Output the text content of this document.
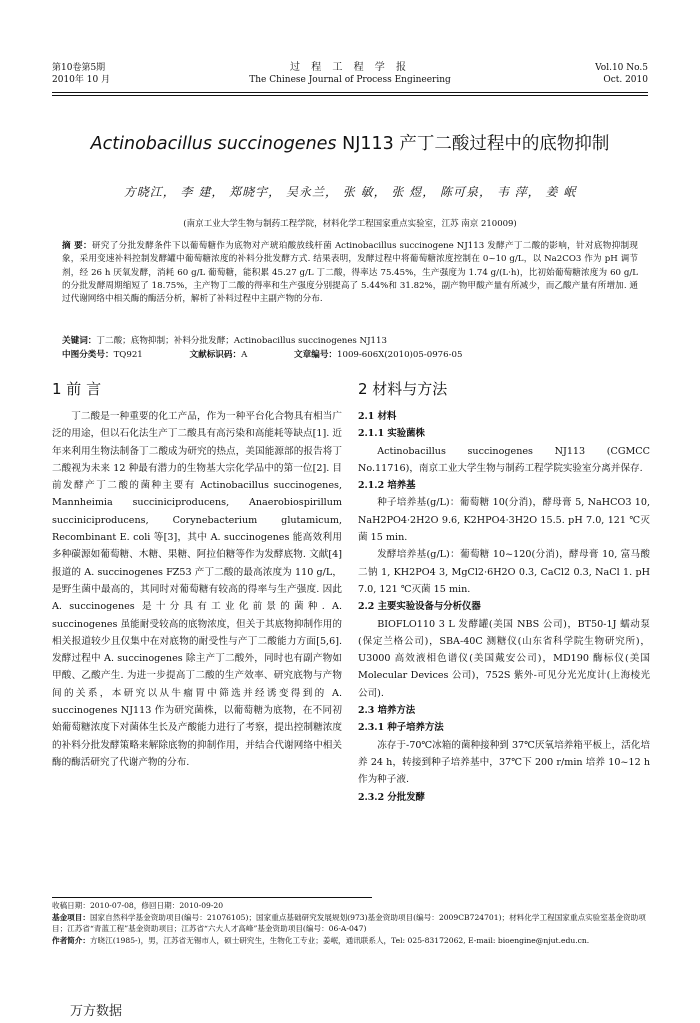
第10卷第5期
2010年 10 月
过 程 工 程 学 报
The Chinese Journal of Process Engineering
Vol.10 No.5
Oct. 2010
Actinobacillus succinogenes NJ113 产丁二酸过程中的底物抑制
方晓江， 李 建， 郑晓宇， 吴永兰， 张 敏， 张 煜， 陈可泉， 韦 萍， 姜 岷
(南京工业大学生物与制药工程学院，材料化学工程国家重点实验室，江苏 南京 210009)
摘 要：研究了分批发酵条件下以葡萄糖作为底物对产琥珀酸放线杆菌 Actinobacillus succinogene NJ113 发酵产丁二酸的影响，针对底物抑制现象，采用变速补料控制发酵罐中葡萄糖浓度的补料分批发酵方式. 结果表明，发酵过程中将葡萄糖浓度控制在 0~10 g/L，以 Na2CO3 作为 pH 调节剂，经 26 h 厌氧发酵，消耗 60 g/L 葡萄糖，能积累 45.27 g/L 丁二酸，得率达 75.45%，生产强度为 1.74 g/(L·h)，比初始葡萄糖浓度为 60 g/L 的分批发酵周期缩短了 18.75%，主产物丁二酸的得率和生产强度分别提高了 5.44%和 31.82%，副产物甲酸产量有所减少，而乙酸产量有所增加. 通过代谢网络中相关酶的酶活分析，解析了补料过程中主副产物的分布.
关键词：丁二酸；底物抑制；补料分批发酵；Actinobacillus succinogenes NJ113
中图分类号：TQ921	文献标识码：A	文章编号：1009-606X(2010)05-0976-05
1 前 言	2 材料与方法

丁二酸是一种重要的化工产品，作为一种平台化合物具有相当广泛的用途，但以石化法生产丁二酸具有高污染和高能耗等缺点[1]. 近年来利用生物法制备丁二酸成为研究的热点，美国能源部的报告将丁二酸视为未来 12 种最有潜力的生物基大宗化学品中的第一位[2]. 目前发酵产丁二酸的菌种主要有 Actinobacillus succinogenes, Mannheimia succiniciproducens, Anaerobiospirillum succiniciproducens, Corynebacterium glutamicum, Recombinant E. coli 等[3]，其中 A. succinogenes 能高效利用多种碳源如葡萄糖、木糖、果糖、阿拉伯糖等作为发酵底物. 文献[4]报道的 A. succinogenes FZ53 产丁二酸的最高浓度为 110 g/L，是野生菌中最高的，其同时对葡萄糖有较高的得率与生产强度. 因此 A. succinogenes 是十分具有工业化前景的菌种. A. succinogenes 虽能耐受较高的底物浓度，但关于其底物抑制作用的相关报道较少且仅集中在对底物的耐受性与产丁二酸能力方面[5,6]. 发酵过程中 A. succinogenes 除主产丁二酸外，同时也有副产物如甲酸、乙酸产生. 为进一步提高丁二酸的生产效率、研究底物与产物间的关系，本研究以从牛瘤胃中筛选并经诱变得到的 A. succinogenes NJ113 作为研究菌株，以葡萄糖为底物，在不同初始葡萄糖浓度下对菌体生长及产酸能力进行了考察，提出控制糖浓度的补料分批发酵策略来解除底物的抑制作用，并结合代谢网络中相关酶的酶活研究了代谢产物的分布.

2.1 材料

2.1.1 实验菌株

Actinobacillus succinogenes NJ113 (CGMCC No.11716)，南京工业大学生物与制药工程学院实验室分离并保存.

2.1.2 培养基

种子培养基(g/L)：葡萄糖 10(分消)，酵母膏 5, NaHCO3 10, NaH2PO4·2H2O 9.6, K2HPO4·3H2O 15.5. pH 7.0, 121 ℃灭菌 15 min.

发酵培养基(g/L)：葡萄糖 10~120(分消)，酵母膏 10, 富马酸二钠 1, KH2PO4 3, MgCl2·6H2O 0.3, CaCl2 0.3, NaCl 1. pH 7.0, 121 ℃灭菌 15 min.

2.2 主要实验设备与分析仪器

BIOFLO110 3 L 发酵罐(美国 NBS 公司)，BT50-1J 蠕动泵(保定兰格公司)，SBA-40C 测糖仪(山东省科学院生物研究所)，U3000 高效液相色谱仪(美国戴安公司)，MD190 酶标仪(美国 Molecular Devices 公司)，752S 紫外-可见分光光度计(上海棱光公司).

2.3 培养方法

2.3.1 种子培养方法

冻存于-70℃冰箱的菌种接种到 37℃厌氧培养箱平板上，活化培养 24 h，转接到种子培养基中，37℃下 200 r/min 培养 10~12 h 作为种子液.

2.3.2 分批发酵

收稿日期：2010-07-08，修回日期：2010-09-20
基金项目：国家自然科学基金资助项目(编号：21076105)；国家重点基础研究发展规划(973)基金资助项目(编号：2009CB724701)；材料化学工程国家重点实验室基金资助项目；江苏省“青蓝工程”基金资助项目；江苏省“六大人才高峰”基金资助项目(编号：06-A-047)
作者简介：方晓江(1985-)，男，江苏省无锡市人，硕士研究生，生物化工专业；姜岷，通讯联系人，Tel: 025-83172062, E-mail: bioengine@njut.edu.cn.
万方数据
